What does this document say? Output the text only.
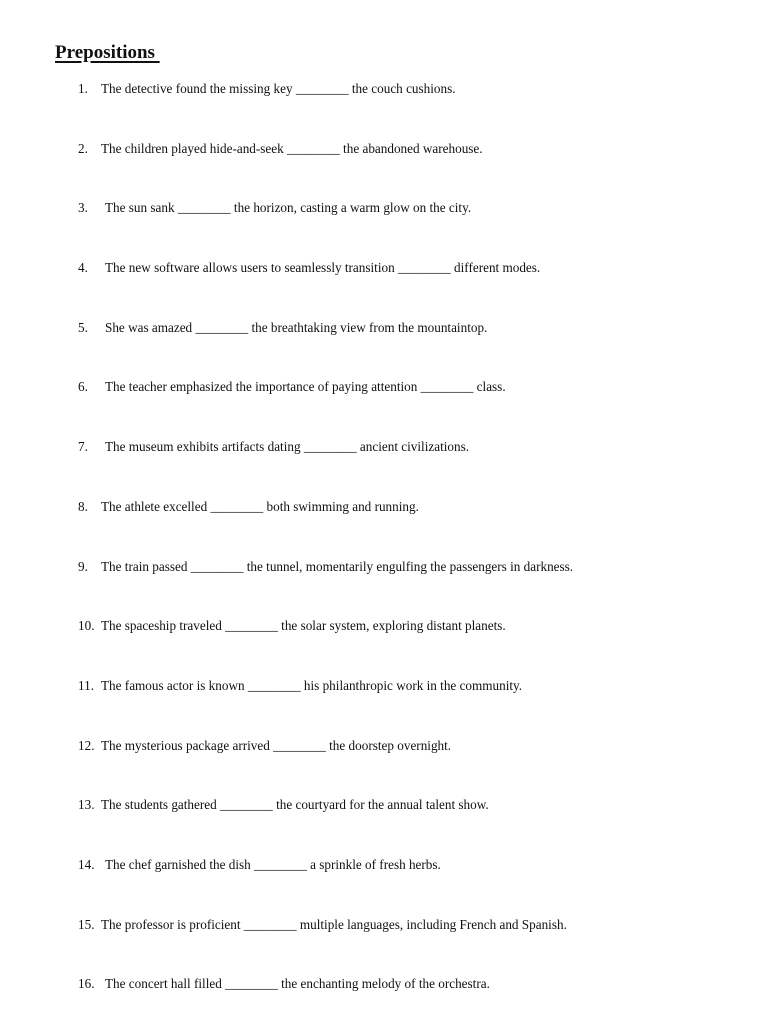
Prepositions
1. The detective found the missing key ________ the couch cushions.
2. The children played hide-and-seek ________ the abandoned warehouse.
3.	The sun sank ________ the horizon, casting a warm glow on the city.
4.	The new software allows users to seamlessly transition ________ different modes.
5.	She was amazed ________ the breathtaking view from the mountaintop.
6.	The teacher emphasized the importance of paying attention ________ class.
7.	The museum exhibits artifacts dating ________ ancient civilizations.
8. The athlete excelled ________ both swimming and running.
9. The train passed ________ the tunnel, momentarily engulfing the passengers in darkness.
10. The spaceship traveled ________ the solar system, exploring distant planets.
11. The famous actor is known ________ his philanthropic work in the community.
12. The mysterious package arrived ________ the doorstep overnight.
13. The students gathered ________ the courtyard for the annual talent show.
14. The chef garnished the dish ________ a sprinkle of fresh herbs.
15. The professor is proficient ________ multiple languages, including French and Spanish.
16. The concert hall filled ________ the enchanting melody of the orchestra.
